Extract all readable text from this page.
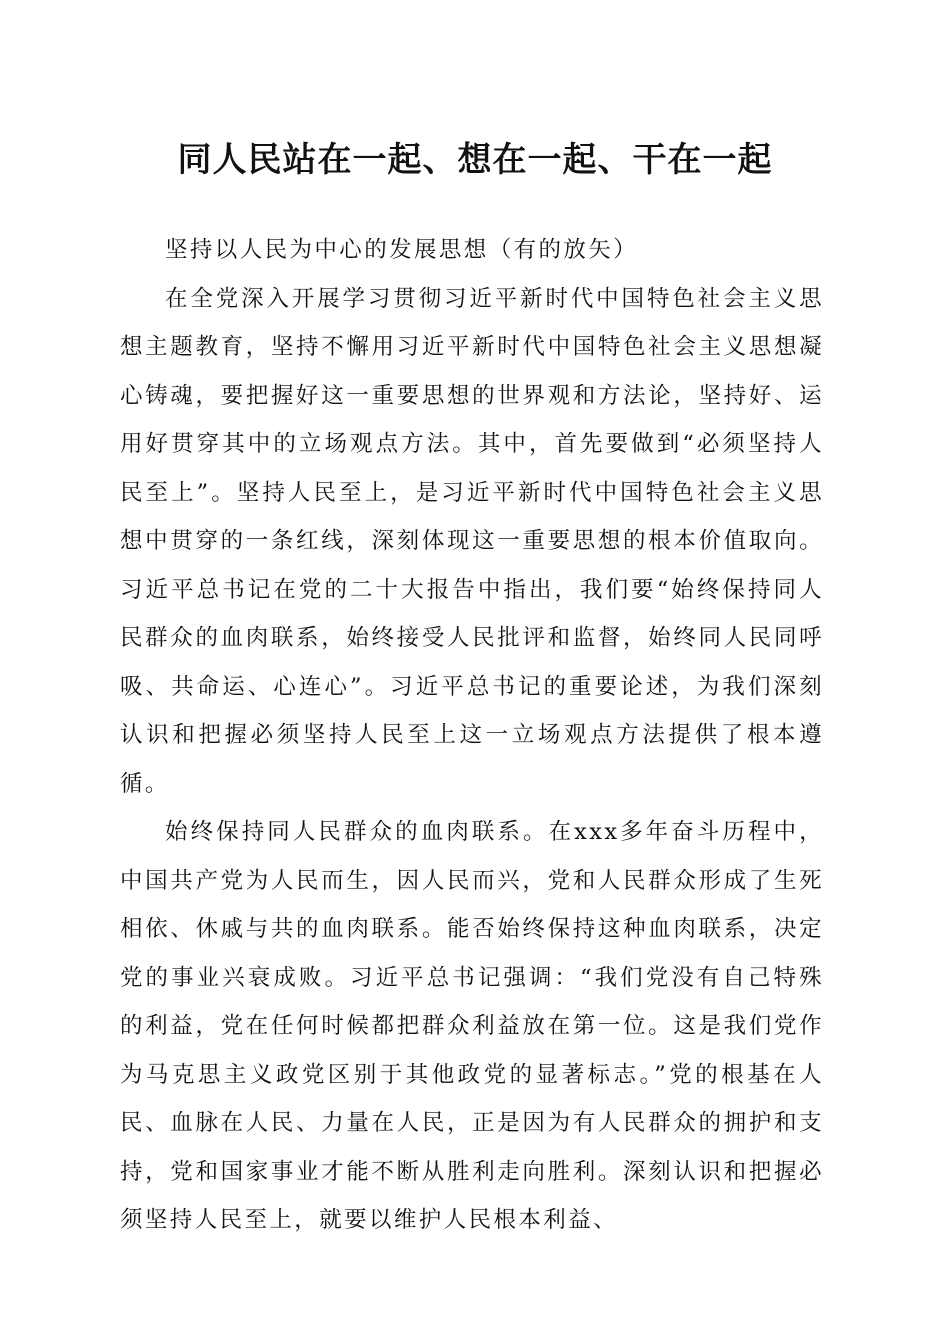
同人民站在一起、想在一起、干在一起

坚持以人民为中心的发展思想（有的放矢）

在全党深入开展学习贯彻习近平新时代中国特色社会主义思想主题教育，坚持不懈用习近平新时代中国特色社会主义思想凝心铸魂，要把握好这一重要思想的世界观和方法论，坚持好、运用好贯穿其中的立场观点方法。其中，首先要做到“必须坚持人民至上”。坚持人民至上，是习近平新时代中国特色社会主义思想中贯穿的一条红线，深刻体现这一重要思想的根本价值取向。习近平总书记在党的二十大报告中指出，我们要“始终保持同人民群众的血肉联系，始终接受人民批评和监督，始终同人民同呼吸、共命运、心连心”。习近平总书记的重要论述，为我们深刻认识和把握必须坚持人民至上这一立场观点方法提供了根本遵循。

始终保持同人民群众的血肉联系。在xxx多年奋斗历程中，中国共产党为人民而生，因人民而兴，党和人民群众形成了生死相依、休戚与共的血肉联系。能否始终保持这种血肉联系，决定党的事业兴衰成败。习近平总书记强调：“我们党没有自己特殊的利益，党在任何时候都把群众利益放在第一位。这是我们党作为马克思主义政党区别于其他政党的显著标志。”党的根基在人民、血脉在人民、力量在人民，正是因为有人民群众的拥护和支持，党和国家事业才能不断从胜利走向胜利。深刻认识和把握必须坚持人民至上，就要以维护人民根本利益、
